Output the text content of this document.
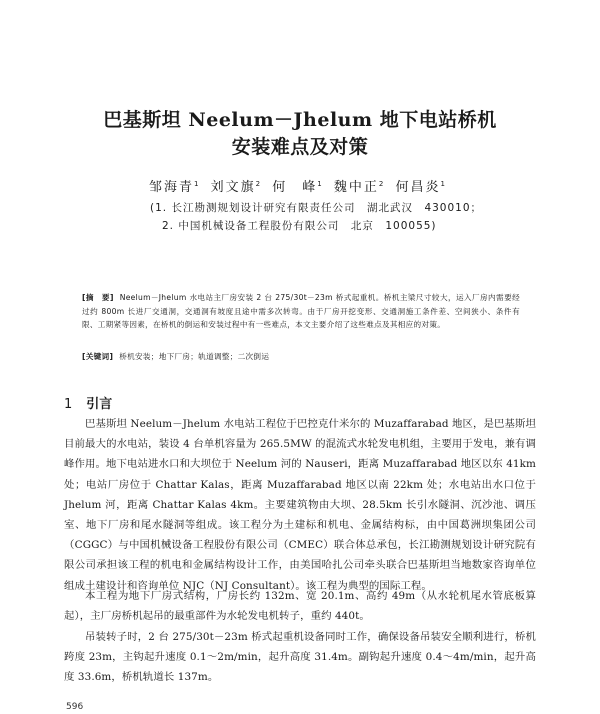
巴基斯坦 Neelum－Jhelum 地下电站桥机
安装难点及对策
邹海青$^1$ 刘文旗$^2$ 何　峰$^1$ 魏中正$^2$ 何昌炎$^1$
(1. 长江勘测规划设计研究有限责任公司　湖北武汉　430010；
2. 中国机械设备工程股份有限公司　北京　100055)
[摘　要] Neelum－Jhelum 水电站主厂房安装 2 台 275/30t－23m 桥式起重机。桥机主梁尺寸较大，运入厂房内需要经过约 800m 长进厂交通洞，交通洞有坡度且途中需多次转弯。由于厂房开挖变形、交通洞施工条件差、空间狭小、条件有限、工期紧等因素，在桥机的倒运和安装过程中有一些难点，本文主要介绍了这些难点及其相应的对策。
[关键词] 桥机安装；地下厂房；轨道调整；二次倒运
1 引言
巴基斯坦 Neelum－Jhelum 水电站工程位于巴控克什米尔的 Muzaffarabad 地区，是巴基斯坦目前最大的水电站，装设 4 台单机容量为 265.5MW 的混流式水轮发电机组，主要用于发电，兼有调峰作用。地下电站进水口和大坝位于 Neelum 河的 Nauseri，距离 Muzaffarabad 地区以东 41km 处；电站厂房位于 Chattar Kalas，距离 Muzaffarabad 地区以南 22km 处；水电站出水口位于 Jhelum 河，距离 Chattar Kalas 4km。主要建筑物由大坝、28.5km 长引水隧洞、沉沙池、调压室、地下厂房和尾水隧洞等组成。该工程分为土建标和机电、金属结构标，由中国葛洲坝集团公司（CGGC）与中国机械设备工程股份有限公司（CMEC）联合体总承包，长江勘测规划设计研究院有限公司承担该工程的机电和金属结构设计工作，由美国哈扎公司牵头联合巴基斯坦当地数家咨询单位组成土建设计和咨询单位 NJC（NJ Consultant）。该工程为典型的国际工程。
本工程为地下厂房式结构，厂房长约 132m、宽 20.1m、高约 49m（从水轮机尾水管底板算起），主厂房桥机起吊的最重部件为水轮发电机转子，重约 440t。
吊装转子时，2 台 275/30t－23m 桥式起重机设备同时工作，确保设备吊装安全顺利进行，桥机跨度 23m，主钩起升速度 0.1～2m/min，起升高度 31.4m。副钩起升速度 0.4～4m/min，起升高度 33.6m，桥机轨道长 137m。
596
